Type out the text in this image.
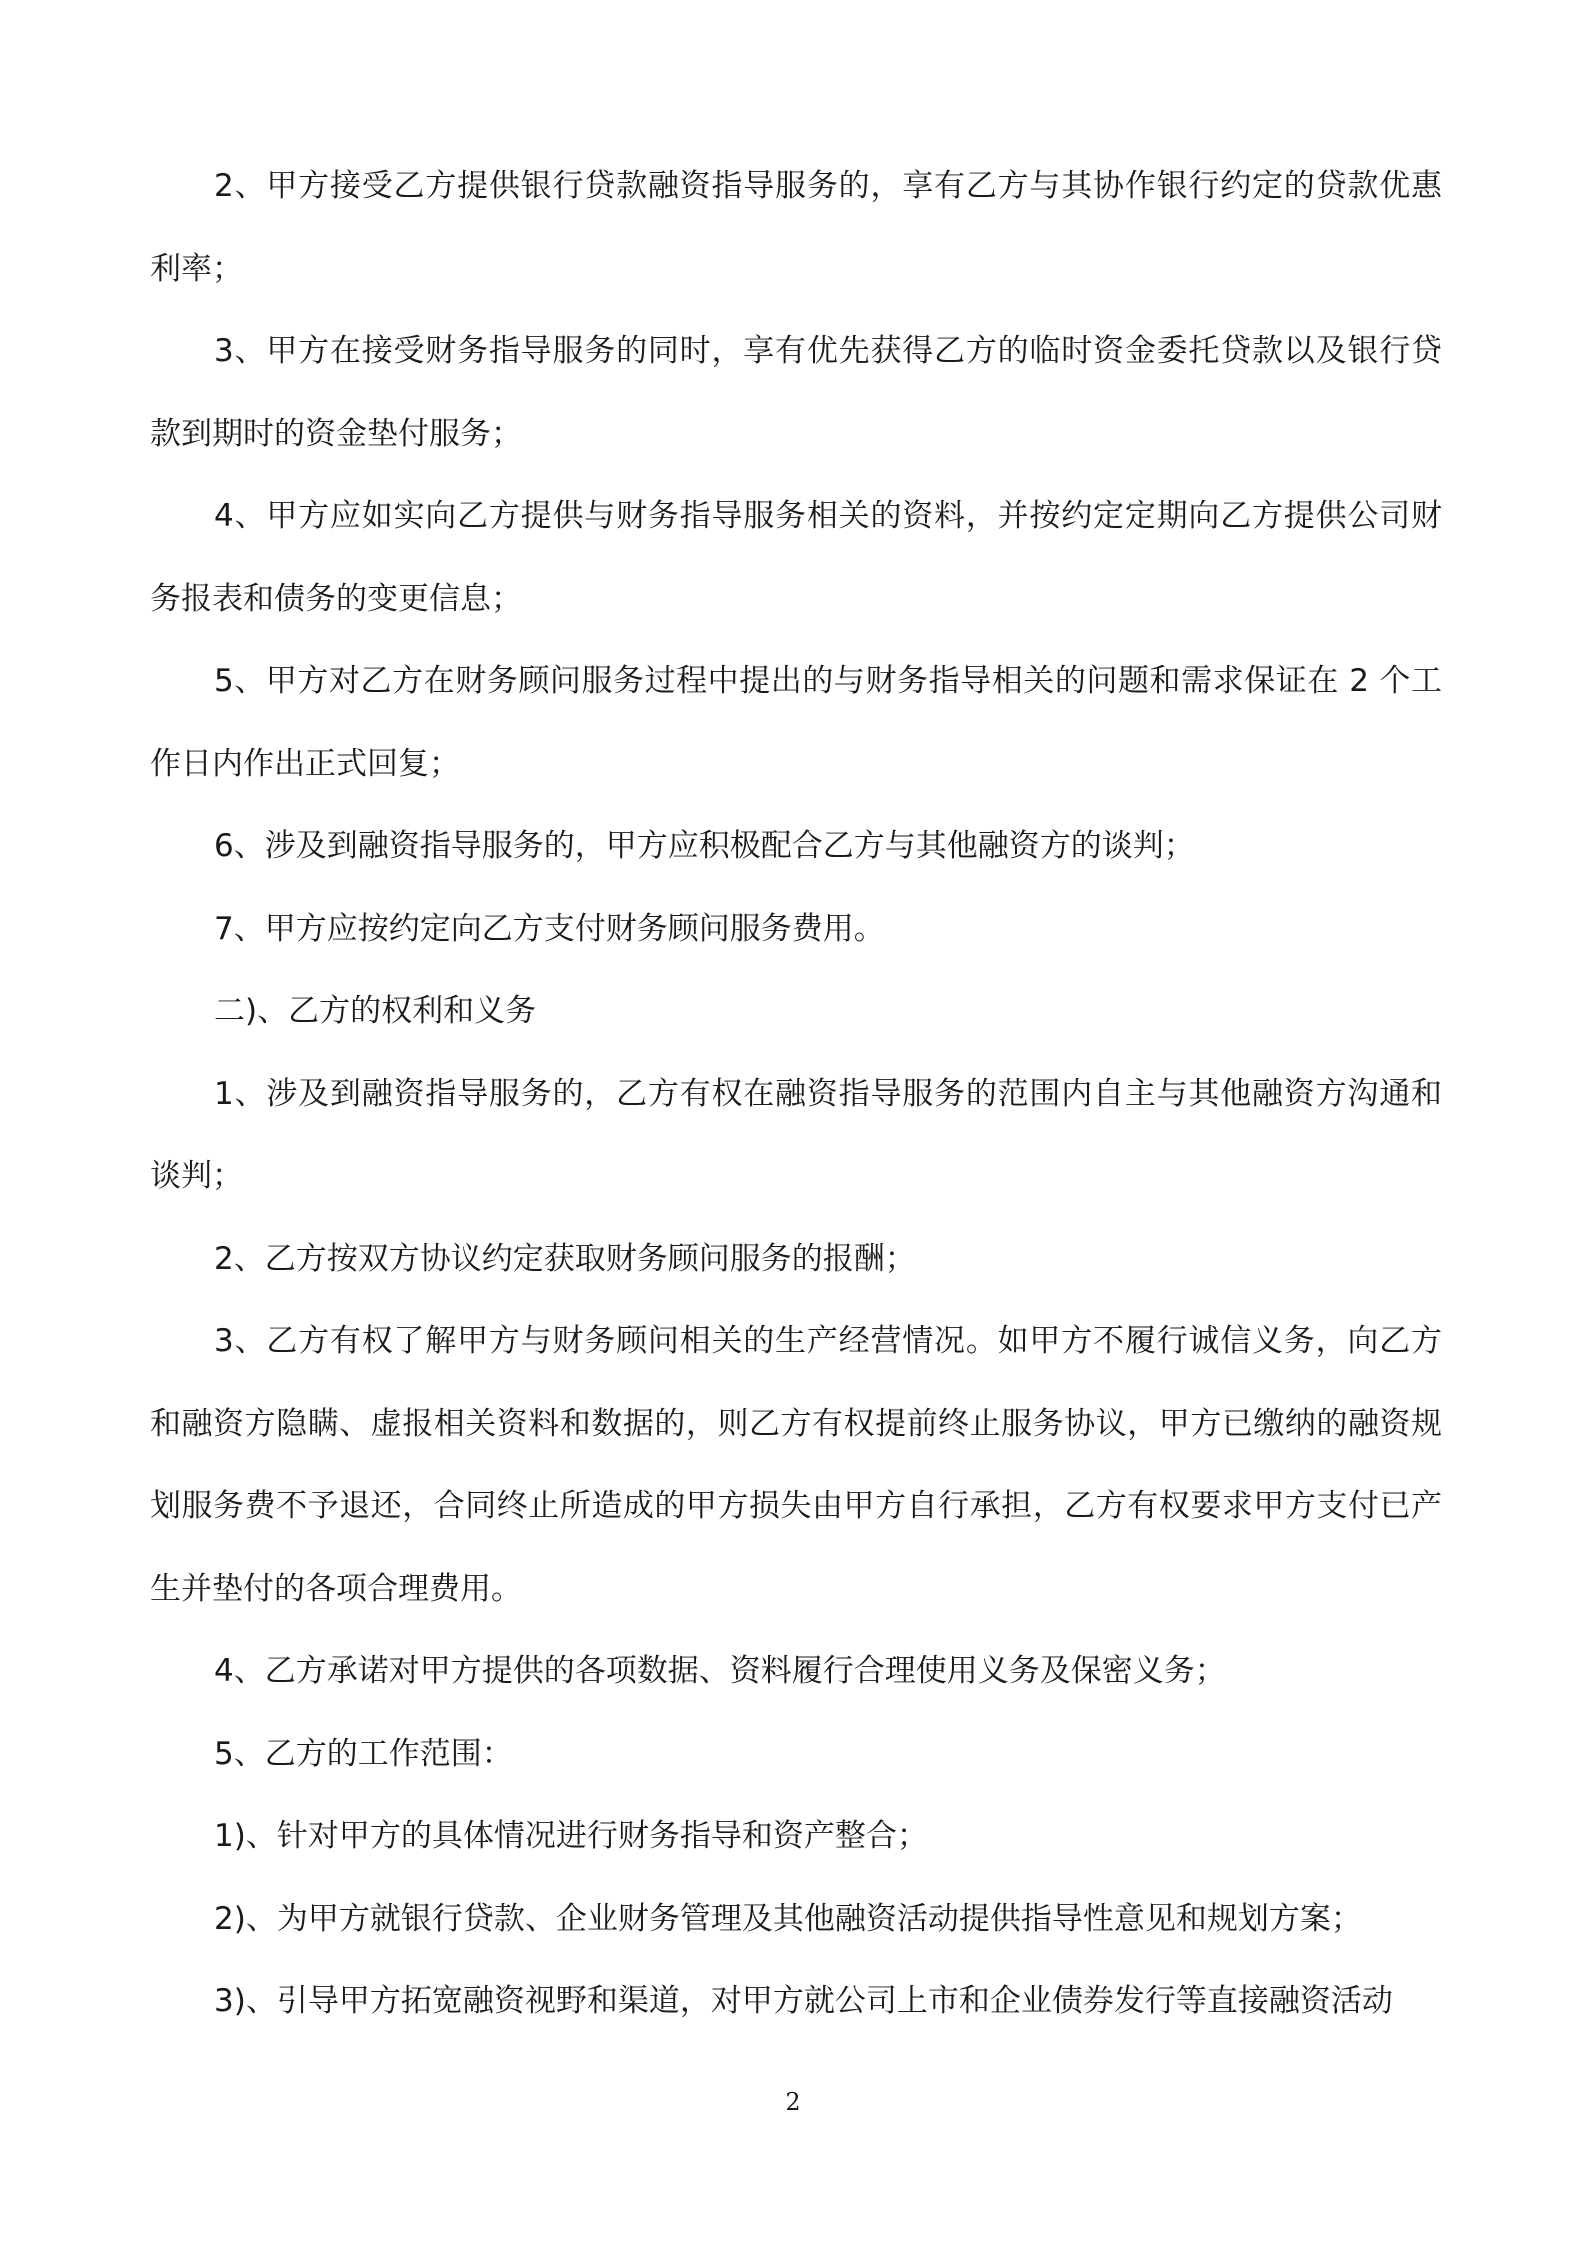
2、甲方接受乙方提供银行贷款融资指导服务的，享有乙方与其协作银行约定的贷款优惠利率；

3、甲方在接受财务指导服务的同时，享有优先获得乙方的临时资金委托贷款以及银行贷款到期时的资金垫付服务；

4、甲方应如实向乙方提供与财务指导服务相关的资料，并按约定定期向乙方提供公司财务报表和债务的变更信息；

5、甲方对乙方在财务顾问服务过程中提出的与财务指导相关的问题和需求保证在 2 个工作日内作出正式回复；

6、涉及到融资指导服务的，甲方应积极配合乙方与其他融资方的谈判；

7、甲方应按约定向乙方支付财务顾问服务费用。

二)、乙方的权利和义务

1、涉及到融资指导服务的，乙方有权在融资指导服务的范围内自主与其他融资方沟通和谈判；

2、乙方按双方协议约定获取财务顾问服务的报酬；

3、乙方有权了解甲方与财务顾问相关的生产经营情况。如甲方不履行诚信义务，向乙方和融资方隐瞒、虚报相关资料和数据的，则乙方有权提前终止服务协议，甲方已缴纳的融资规划服务费不予退还，合同终止所造成的甲方损失由甲方自行承担，乙方有权要求甲方支付已产生并垫付的各项合理费用。

4、乙方承诺对甲方提供的各项数据、资料履行合理使用义务及保密义务；

5、乙方的工作范围：

1)、针对甲方的具体情况进行财务指导和资产整合；

2)、为甲方就银行贷款、企业财务管理及其他融资活动提供指导性意见和规划方案；

3)、引导甲方拓宽融资视野和渠道，对甲方就公司上市和企业债券发行等直接融资活动

2
